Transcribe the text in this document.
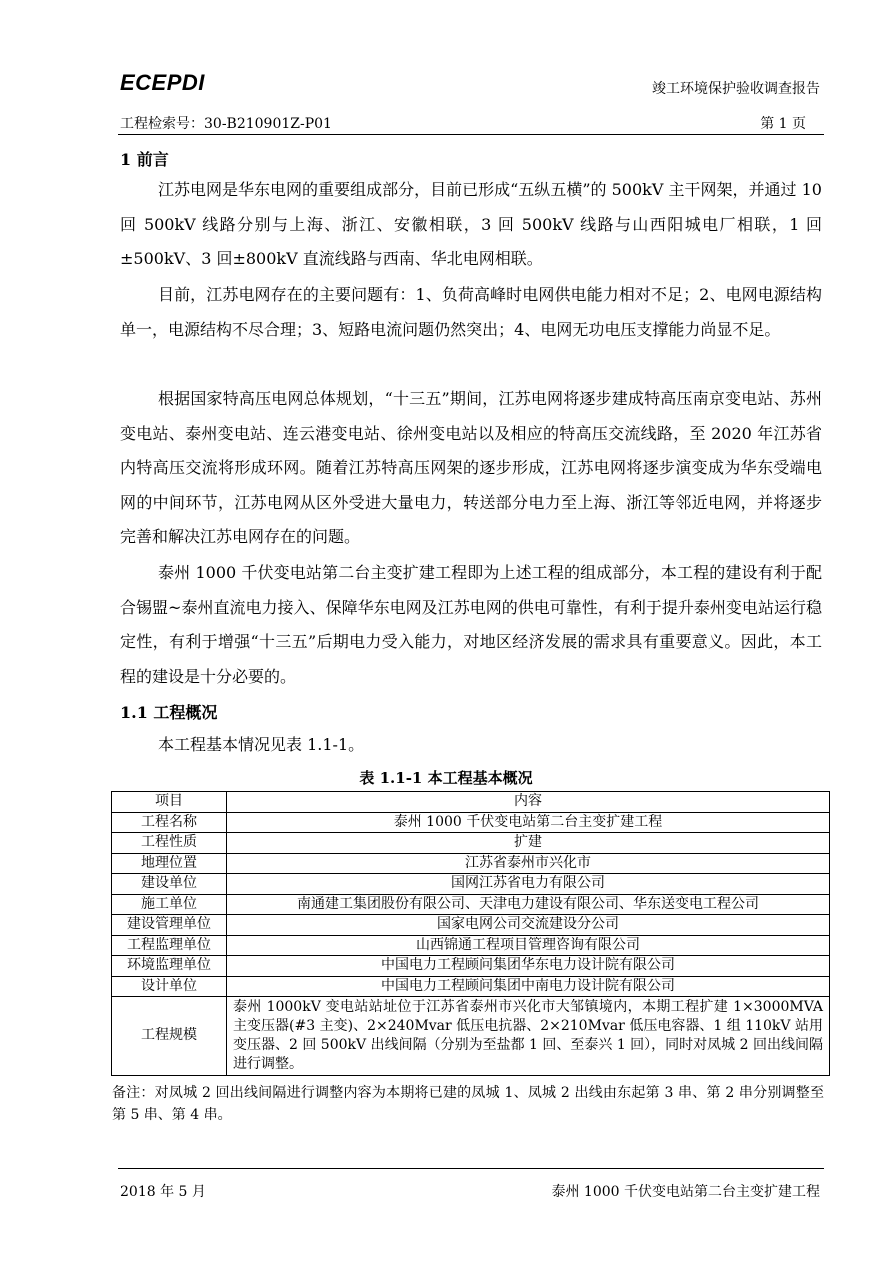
ECEPDI	竣工环境保护验收调查报告
工程检索号：30-B210901Z-P01	第 1 页
1 前言

江苏电网是华东电网的重要组成部分，目前已形成“五纵五横”的 500kV 主干网架，并通过 10 回 500kV 线路分别与上海、浙江、安徽相联，3 回 500kV 线路与山西阳城电厂相联，1 回±500kV、3 回±800kV 直流线路与西南、华北电网相联。

目前，江苏电网存在的主要问题有：1、负荷高峰时电网供电能力相对不足；2、电网电源结构单一，电源结构不尽合理；3、短路电流问题仍然突出；4、电网无功电压支撑能力尚显不足。

根据国家特高压电网总体规划，“十三五”期间，江苏电网将逐步建成特高压南京变电站、苏州变电站、泰州变电站、连云港变电站、徐州变电站以及相应的特高压交流线路，至 2020 年江苏省内特高压交流将形成环网。随着江苏特高压网架的逐步形成，江苏电网将逐步演变成为华东受端电网的中间环节，江苏电网从区外受进大量电力，转送部分电力至上海、浙江等邻近电网，并将逐步完善和解决江苏电网存在的问题。

泰州 1000 千伏变电站第二台主变扩建工程即为上述工程的组成部分，本工程的建设有利于配合锡盟~泰州直流电力接入、保障华东电网及江苏电网的供电可靠性，有利于提升泰州变电站运行稳定性，有利于增强“十三五”后期电力受入能力，对地区经济发展的需求具有重要意义。因此，本工程的建设是十分必要的。

1.1 工程概况

本工程基本情况见表 1.1-1。

表 1.1-1 本工程基本概况
项目	内容
工程名称	泰州 1000 千伏变电站第二台主变扩建工程
工程性质	扩建
地理位置	江苏省泰州市兴化市
建设单位	国网江苏省电力有限公司
施工单位	南通建工集团股份有限公司、天津电力建设有限公司、华东送变电工程公司
建设管理单位	国家电网公司交流建设分公司
工程监理单位	山西锦通工程项目管理咨询有限公司
环境监理单位	中国电力工程顾问集团华东电力设计院有限公司
设计单位	中国电力工程顾问集团中南电力设计院有限公司
工程规模	泰州 1000kV 变电站站址位于江苏省泰州市兴化市大邹镇境内，本期工程扩建 1×3000MVA 主变压器(#3 主变)、2×240Mvar 低压电抗器、2×210Mvar 低压电容器、1 组 110kV 站用变压器、2 回 500kV 出线间隔（分别为至盐都 1 回、至泰兴 1 回），同时对凤城 2 回出线间隔进行调整。

备注：对凤城 2 回出线间隔进行调整内容为本期将已建的凤城 1、凤城 2 出线由东起第 3 串、第 2 串分别调整至第 5 串、第 4 串。

2018 年 5 月	泰州 1000 千伏变电站第二台主变扩建工程
